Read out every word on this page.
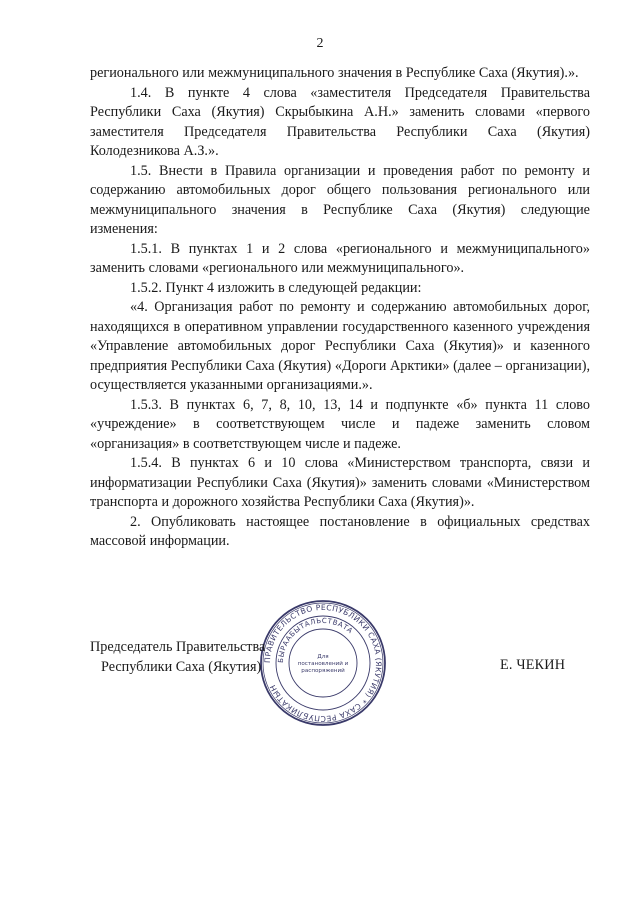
2

регионального или межмуниципального значения в Республике Саха (Якутия).».

1.4. В пункте 4 слова «заместителя Председателя Правительства Республики Саха (Якутия) Скрыбыкина А.Н.» заменить словами «первого заместителя Председателя Правительства Республики Саха (Якутия) Колодезникова А.З.».

1.5. Внести в Правила организации и проведения работ по ремонту и содержанию автомобильных дорог общего пользования регионального или межмуниципального значения в Республике Саха (Якутия) следующие изменения:

1.5.1. В пунктах 1 и 2 слова «регионального и межмуниципального» заменить словами «регионального или межмуниципального».

1.5.2. Пункт 4 изложить в следующей редакции:

«4. Организация работ по ремонту и содержанию автомобильных дорог, находящихся в оперативном управлении государственного казенного учреждения «Управление автомобильных дорог Республики Саха (Якутия)» и казенного предприятия Республики Саха (Якутия) «Дороги Арктики» (далее – организации), осуществляется указанными организациями.».

1.5.3. В пунктах 6, 7, 8, 10, 13, 14 и подпункте «б» пункта 11 слово «учреждение» в соответствующем числе и падеже заменить словом «организация» в соответствующем числе и падеже.

1.5.4. В пунктах 6 и 10 слова «Министерством транспорта, связи и информатизации Республики Саха (Якутия)» заменить словами «Министерством транспорта и дорожного хозяйства Республики Саха (Якутия)».

2. Опубликовать настоящее постановление в официальных средствах массовой информации.

ПРАВИТЕЛЬСТВО РЕСПУБЛИКИ САХА (ЯКУТИЯ) * САХА РЕСПУБЛИКАТЫН
БЫРААБЫТАЛЬСТВАТА
Для
постановлений и
распоряжений
Председатель Правительства
Республики Саха (Якутия)	Е. ЧЕКИН
